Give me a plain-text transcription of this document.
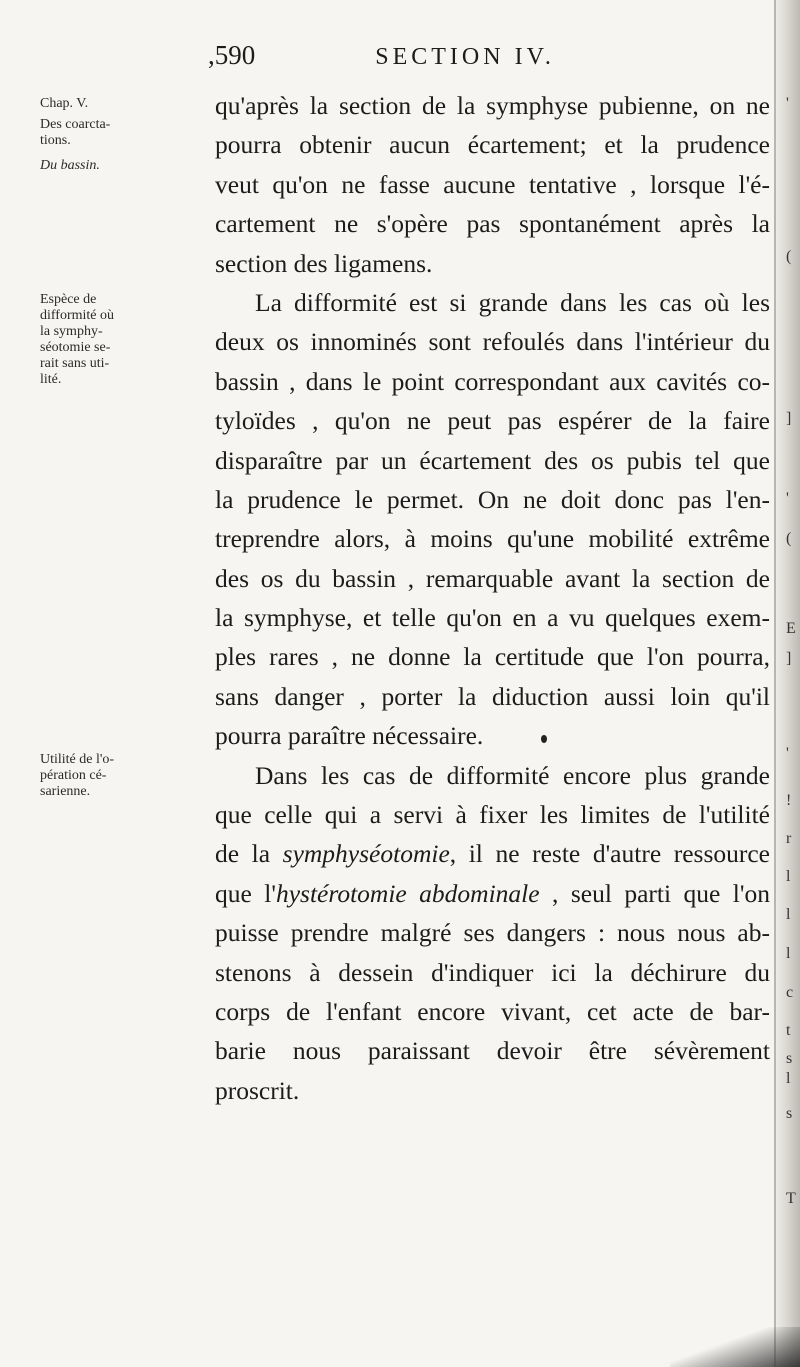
,590	SECTION IV.
Chap. V.
Des coarcta-
tions.
Du bassin.
Espèce de
difformité où
la symphy-
séotomie se-
rait sans uti-
lité.
Utilité de l'o-
pération cé-
sarienne.
qu'après la section de la symphyse pubienne, on ne
pourra obtenir aucun écartement; et la prudence
veut qu'on ne fasse aucune tentative , lorsque l'é-
cartement ne s'opère pas spontanément après la
section des ligamens.
La difformité est si grande dans les cas où les
deux os innominés sont refoulés dans l'intérieur du
bassin , dans le point correspondant aux cavités co-
tyloïdes , qu'on ne peut pas espérer de la faire
disparaître par un écartement des os pubis tel que
la prudence le permet. On ne doit donc pas l'en-
treprendre alors, à moins qu'une mobilité extrême
des os du bassin , remarquable avant la section de
la symphyse, et telle qu'on en a vu quelques exem-
ples rares , ne donne la certitude que l'on pourra,
sans danger , porter la diduction aussi loin qu'il
pourra paraître nécessaire.
Dans les cas de difformité encore plus grande
que celle qui a servi à fixer les limites de l'utilité
de la symphyséotomie, il ne reste d'autre ressource
que l'hystérotomie abdominale , seul parti que l'on
puisse prendre malgré ses dangers : nous nous ab-
stenons à dessein d'indiquer ici la déchirure du
corps de l'enfant encore vivant, cet acte de bar-
barie nous paraissant devoir être sévèrement
proscrit.
'
(
]
'
(
E
]
'
!
r
l
l
l
c
t
s
l
s
T
